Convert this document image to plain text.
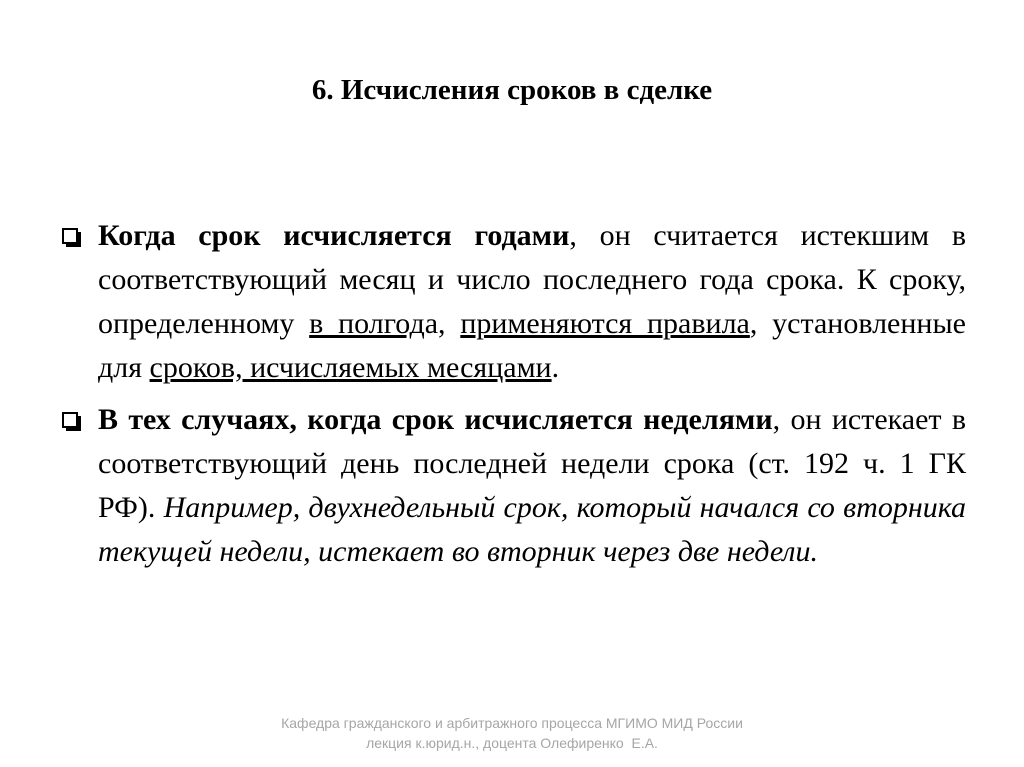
6. Исчисления сроков в сделке
Когда срок исчисляется годами, он считается истекшим в соответствующий месяц и число последнего года срока. К сроку, определенному в полгода, применяются правила, установленные для сроков, исчисляемых месяцами.
В тех случаях, когда срок исчисляется неделями, он истекает в соответствующий день последней недели срока (ст. 192 ч. 1 ГК РФ). Например, двухнедельный срок, который начался со вторника текущей недели, истекает во вторник через две недели.
Кафедра гражданского и арбитражного процесса МГИМО МИД России
лекция к.юрид.н., доцента Олефиренко  Е.А.
